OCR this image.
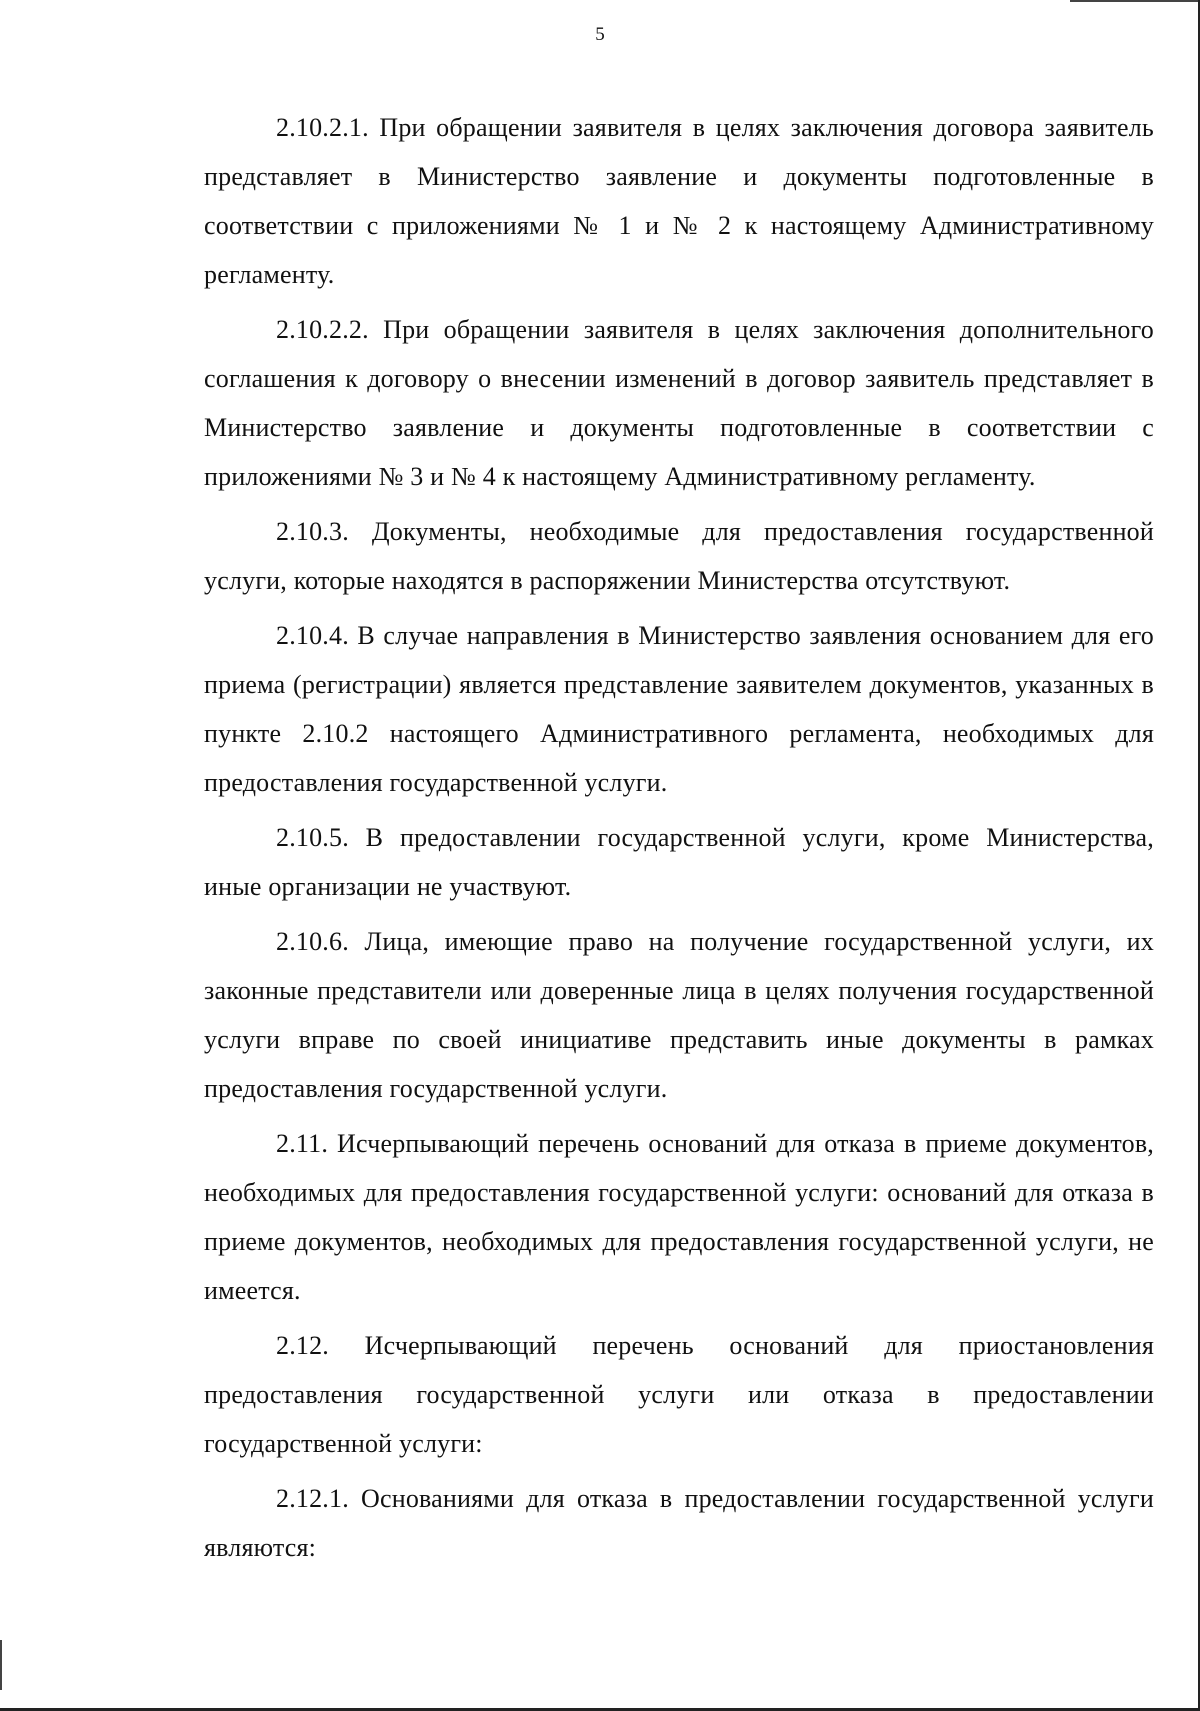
5

2.10.2.1. При обращении заявителя в целях заключения договора заявитель представляет в Министерство заявление и документы подготовленные в соответствии с приложениями № 1 и № 2 к настоящему Административному регламенту.

2.10.2.2. При обращении заявителя в целях заключения дополнительного соглашения к договору о внесении изменений в договор заявитель представляет в Министерство заявление и документы подготовленные в соответствии с приложениями № 3 и № 4 к настоящему Административному регламенту.

2.10.3. Документы, необходимые для предоставления государственной услуги, которые находятся в распоряжении Министерства отсутствуют.

2.10.4. В случае направления в Министерство заявления основанием для его приема (регистрации) является представление заявителем документов, указанных в пункте 2.10.2 настоящего Административного регламента, необходимых для предоставления государственной услуги.

2.10.5. В предоставлении государственной услуги, кроме Министерства, иные организации не участвуют.

2.10.6. Лица, имеющие право на получение государственной услуги, их законные представители или доверенные лица в целях получения государственной услуги вправе по своей инициативе представить иные документы в рамках предоставления государственной услуги.

2.11. Исчерпывающий перечень оснований для отказа в приеме документов, необходимых для предоставления государственной услуги: оснований для отказа в приеме документов, необходимых для предоставления государственной услуги, не имеется.

2.12. Исчерпывающий перечень оснований для приостановления предоставления государственной услуги или отказа в предоставлении государственной услуги:

2.12.1. Основаниями для отказа в предоставлении государственной услуги являются:
